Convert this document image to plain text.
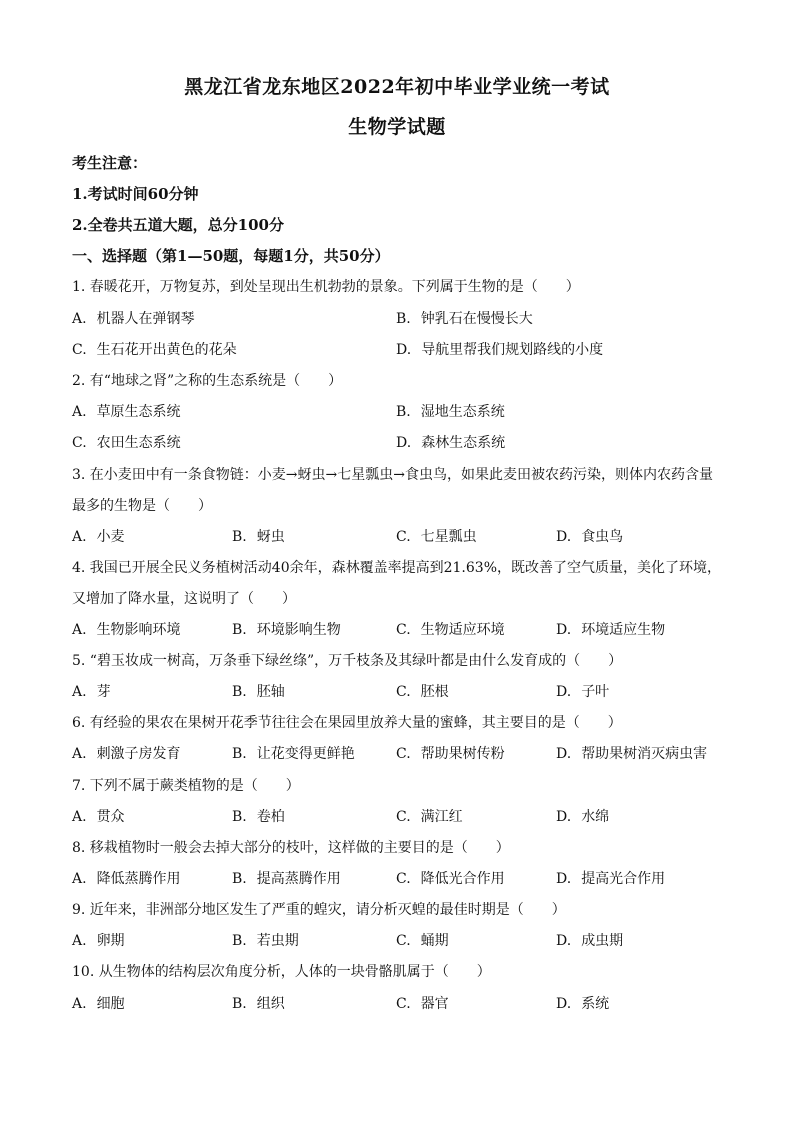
黑龙江省龙东地区2022年初中毕业学业统一考试
生物学试题
考生注意：
1.考试时间60分钟
2.全卷共五道大题，总分100分
一、选择题（第1—50题，每题1分，共50分）
1. 春暖花开，万物复苏，到处呈现出生机勃勃的景象。下列属于生物的是（　　）
A. 机器人在弹钢琴	B. 钟乳石在慢慢长大
C. 生石花开出黄色的花朵	D. 导航里帮我们规划路线的小度
2. 有“地球之肾”之称的生态系统是（　　）
A. 草原生态系统	B. 湿地生态系统
C. 农田生态系统	D. 森林生态系统
3. 在小麦田中有一条食物链：小麦→蚜虫→七星瓢虫→食虫鸟，如果此麦田被农药污染，则体内农药含量
最多的生物是（　　）
A. 小麦	B. 蚜虫	C. 七星瓢虫	D. 食虫鸟
4. 我国已开展全民义务植树活动40余年，森林覆盖率提高到21.63%，既改善了空气质量，美化了环境，
又增加了降水量，这说明了（　　）
A. 生物影响环境	B. 环境影响生物	C. 生物适应环境	D. 环境适应生物
5. “碧玉妆成一树高，万条垂下绿丝绦”，万千枝条及其绿叶都是由什么发育成的（　　）
A. 芽	B. 胚轴	C. 胚根	D. 子叶
6. 有经验的果农在果树开花季节往往会在果园里放养大量的蜜蜂，其主要目的是（　　）
A. 刺激子房发育	B. 让花变得更鲜艳	C. 帮助果树传粉	D. 帮助果树消灭病虫害
7. 下列不属于蕨类植物的是（　　）
A. 贯众	B. 卷柏	C. 满江红	D. 水绵
8. 移栽植物时一般会去掉大部分的枝叶，这样做的主要目的是（　　）
A. 降低蒸腾作用	B. 提高蒸腾作用	C. 降低光合作用	D. 提高光合作用
9. 近年来，非洲部分地区发生了严重的蝗灾，请分析灭蝗的最佳时期是（　　）
A. 卵期	B. 若虫期	C. 蛹期	D. 成虫期
10. 从生物体的结构层次角度分析，人体的一块骨骼肌属于（　　）
A. 细胞	B. 组织	C. 器官	D. 系统
